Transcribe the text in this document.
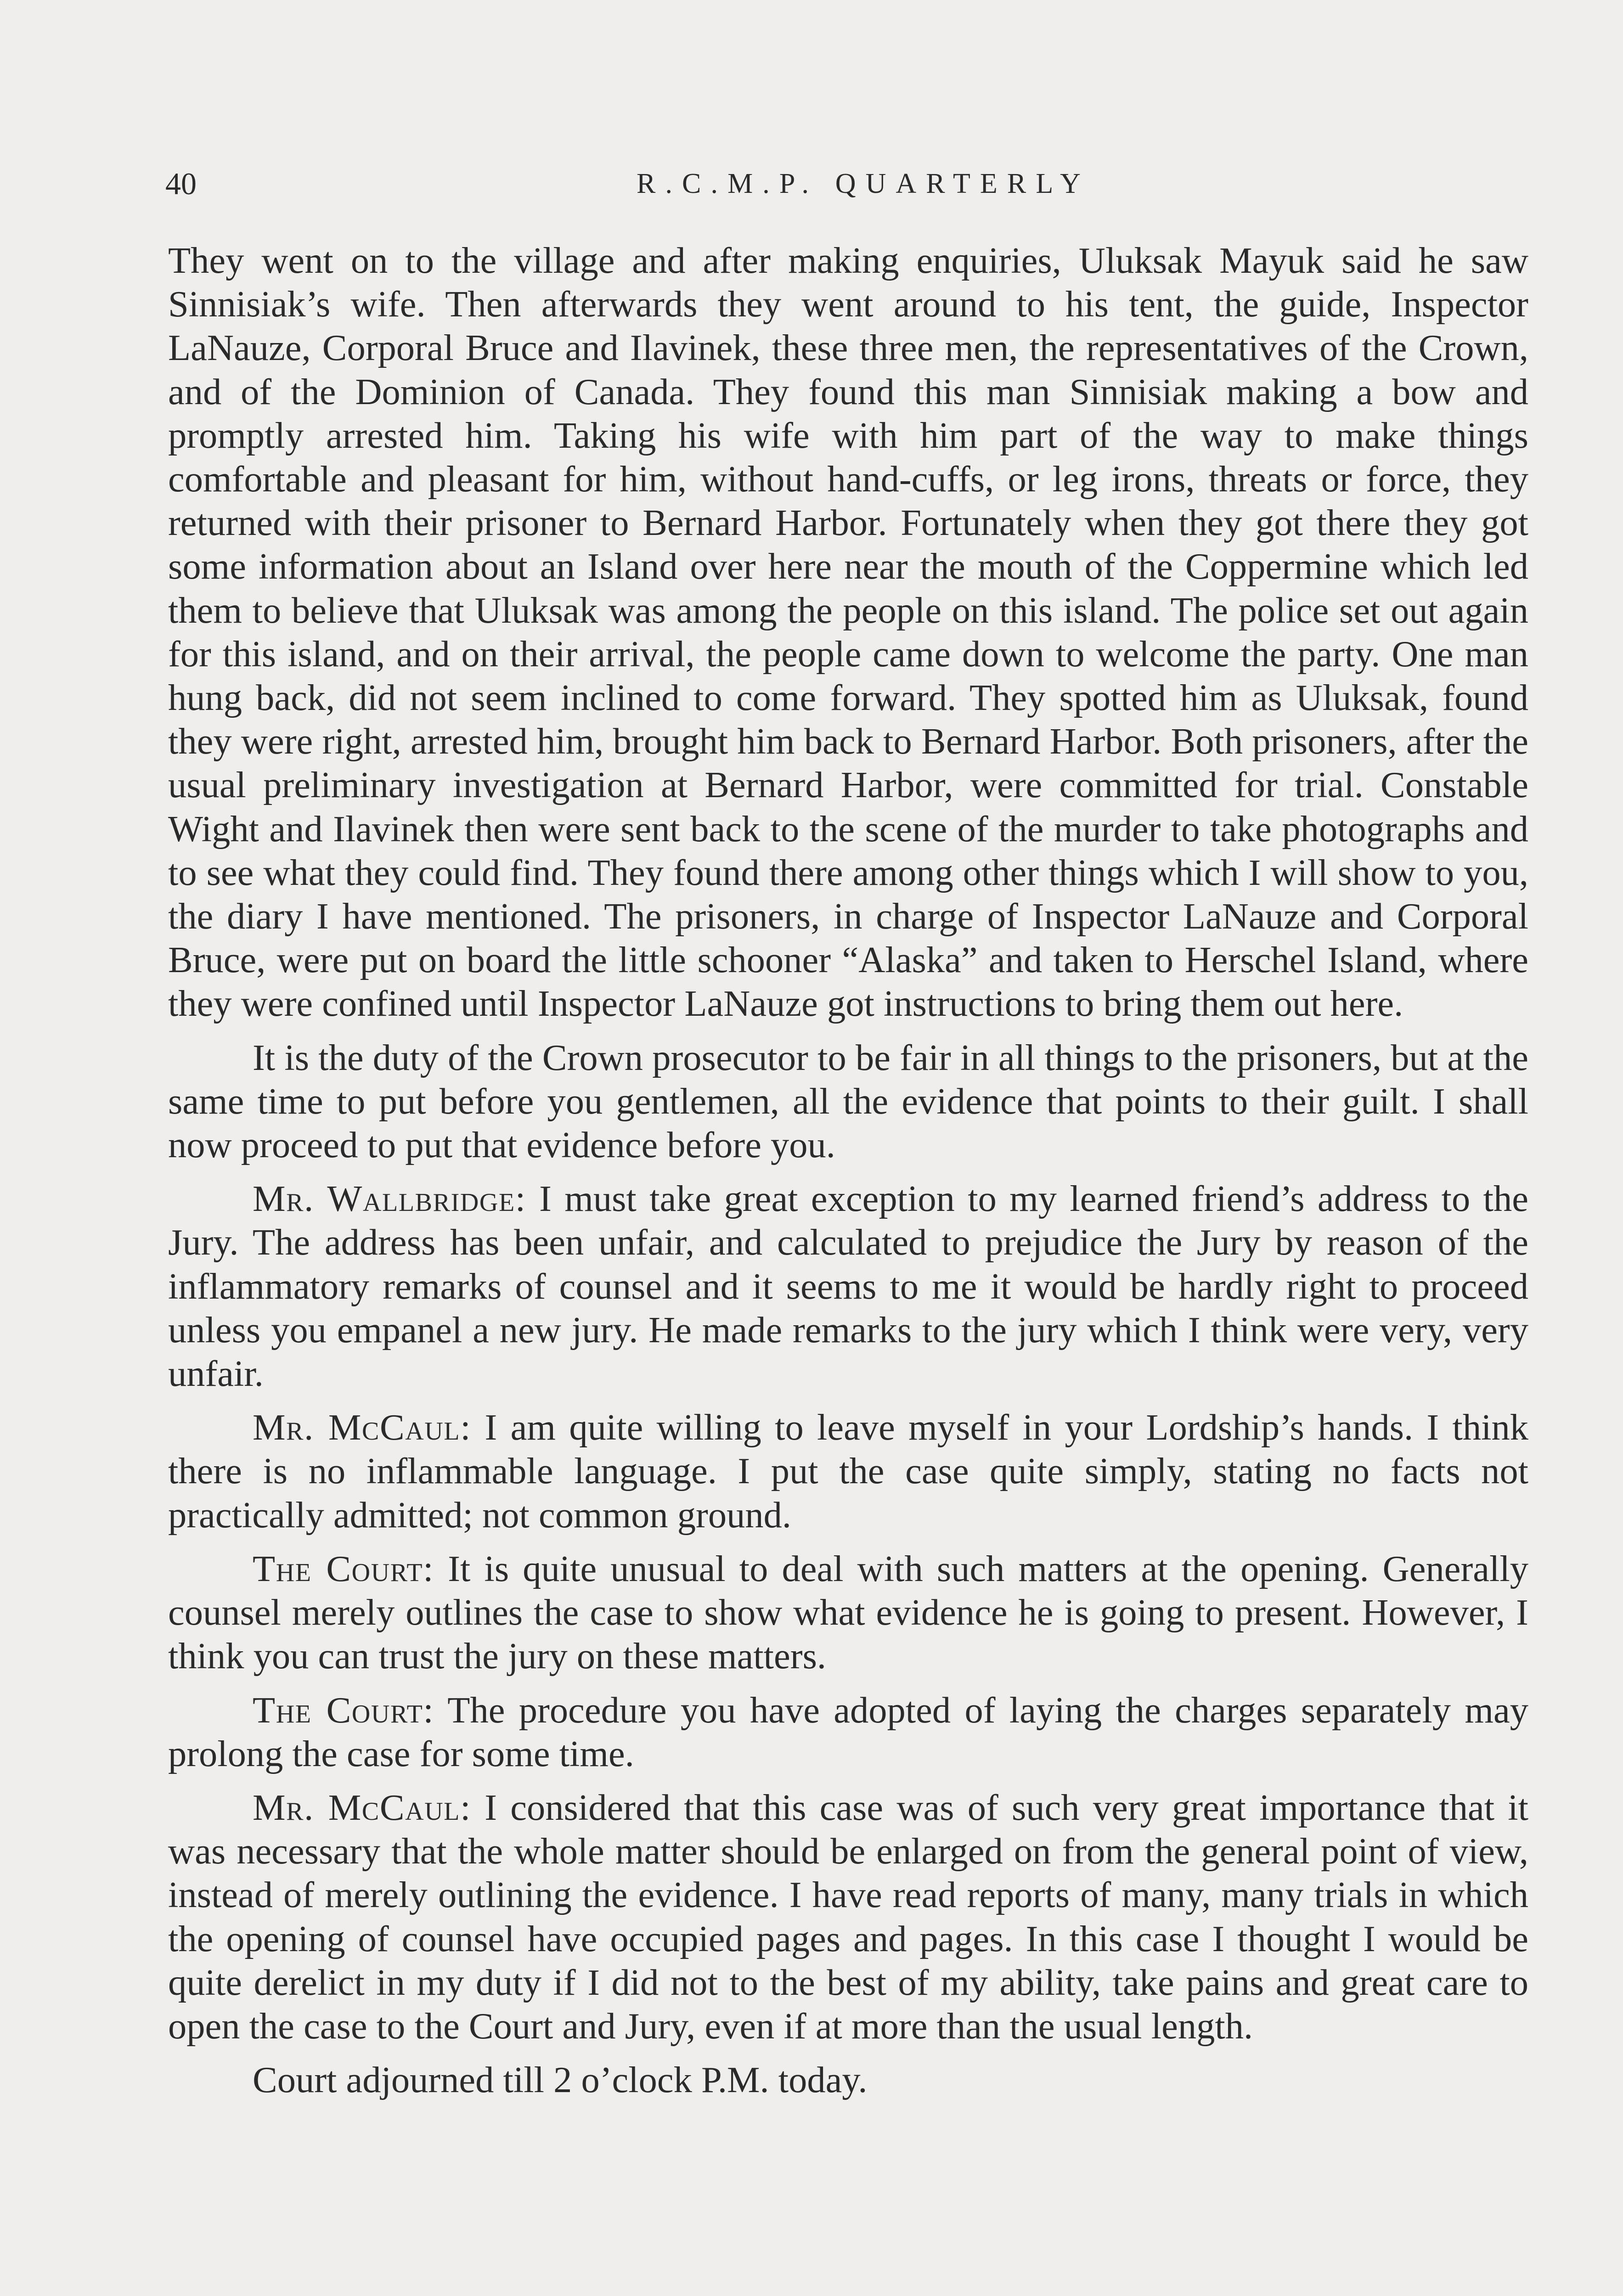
40	R.C.M.P. QUARTERLY

They went on to the village and after making enquiries, Uluksak Mayuk said he saw Sinnisiak’s wife. Then afterwards they went around to his tent, the guide, Inspector LaNauze, Corporal Bruce and Ilavinek, these three men, the representatives of the Crown, and of the Dominion of Canada. They found this man Sinnisiak making a bow and promptly arrested him. Taking his wife with him part of the way to make things comfortable and pleasant for him, without hand-cuffs, or leg irons, threats or force, they returned with their prisoner to Bernard Harbor. Fortunately when they got there they got some information about an Island over here near the mouth of the Coppermine which led them to believe that Uluksak was among the people on this island. The police set out again for this island, and on their arrival, the people came down to welcome the party. One man hung back, did not seem inclined to come forward. They spotted him as Uluksak, found they were right, arrested him, brought him back to Bernard Harbor. Both prisoners, after the usual preliminary investigation at Bernard Harbor, were committed for trial. Constable Wight and Ilavinek then were sent back to the scene of the murder to take photographs and to see what they could find. They found there among other things which I will show to you, the diary I have mentioned. The prisoners, in charge of Inspector LaNauze and Corporal Bruce, were put on board the little schooner “Alaska” and taken to Herschel Island, where they were confined until Inspector LaNauze got instructions to bring them out here.

It is the duty of the Crown prosecutor to be fair in all things to the prisoners, but at the same time to put before you gentlemen, all the evidence that points to their guilt. I shall now proceed to put that evidence before you.

Mr. Wallbridge: I must take great exception to my learned friend’s address to the Jury. The address has been unfair, and calculated to prejudice the Jury by reason of the inflammatory remarks of counsel and it seems to me it would be hardly right to proceed unless you empanel a new jury. He made remarks to the jury which I think were very, very unfair.

Mr. McCaul: I am quite willing to leave myself in your Lordship’s hands. I think there is no inflammable language. I put the case quite simply, stating no facts not practically admitted; not common ground.

The Court: It is quite unusual to deal with such matters at the opening. Generally counsel merely outlines the case to show what evidence he is going to present. However, I think you can trust the jury on these matters.

The Court: The procedure you have adopted of laying the charges separately may prolong the case for some time.

Mr. McCaul: I considered that this case was of such very great importance that it was necessary that the whole matter should be enlarged on from the general point of view, instead of merely outlining the evidence. I have read reports of many, many trials in which the opening of counsel have occupied pages and pages. In this case I thought I would be quite derelict in my duty if I did not to the best of my ability, take pains and great care to open the case to the Court and Jury, even if at more than the usual length.

Court adjourned till 2 o’clock P.M. today.
